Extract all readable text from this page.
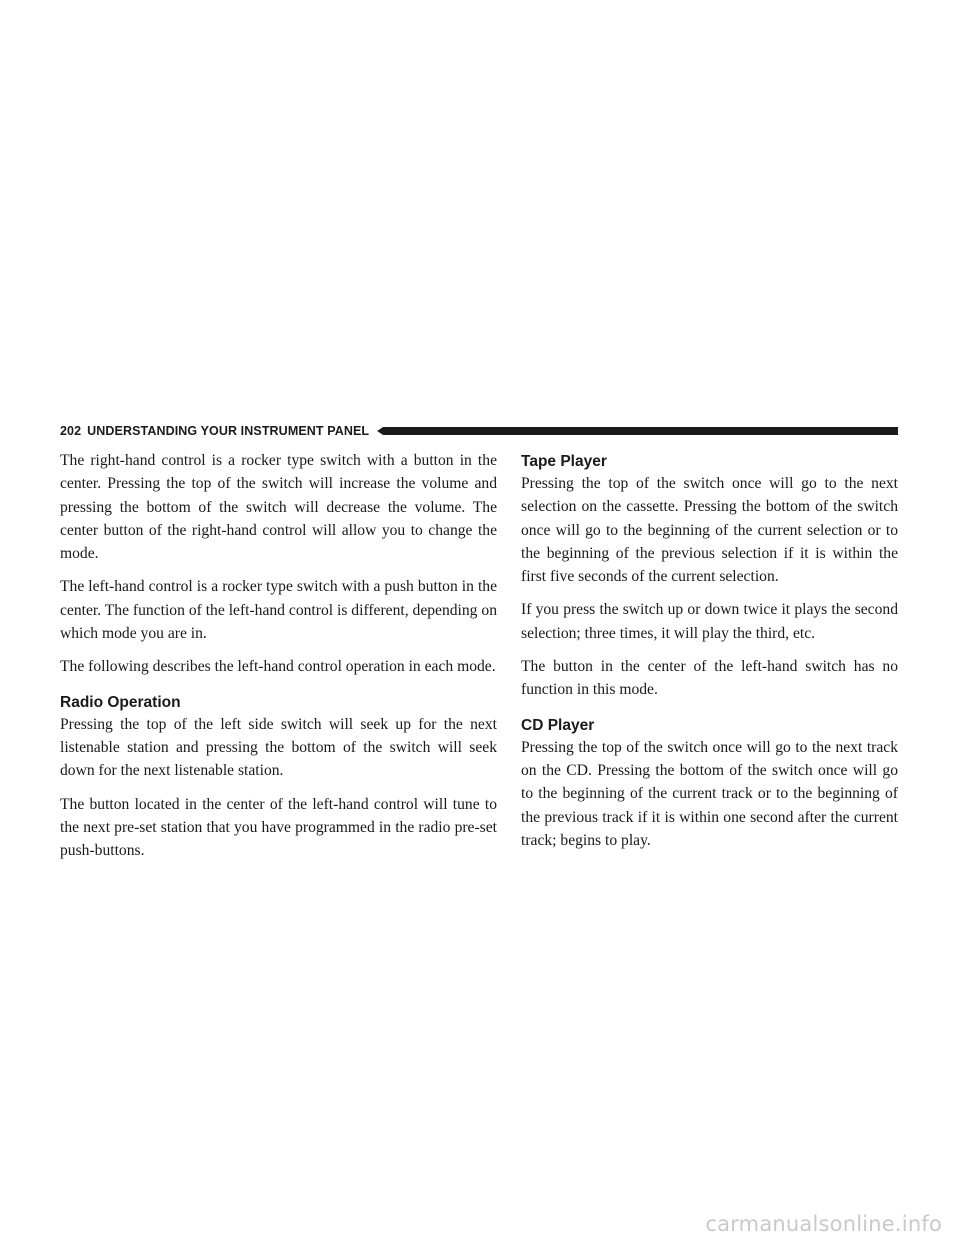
202 UNDERSTANDING YOUR INSTRUMENT PANEL

The right-hand control is a rocker type switch with a button in the center. Pressing the top of the switch will increase the volume and pressing the bottom of the switch will decrease the volume. The center button of the right-hand control will allow you to change the mode.

The left-hand control is a rocker type switch with a push button in the center. The function of the left-hand control is different, depending on which mode you are in.

The following describes the left-hand control operation in each mode.

Radio Operation

Pressing the top of the left side switch will seek up for the next listenable station and pressing the bottom of the switch will seek down for the next listenable station.

The button located in the center of the left-hand control will tune to the next pre-set station that you have programmed in the radio pre-set push-buttons.

Tape Player

Pressing the top of the switch once will go to the next selection on the cassette. Pressing the bottom of the switch once will go to the beginning of the current selection or to the beginning of the previous selection if it is within the first five seconds of the current selection.

If you press the switch up or down twice it plays the second selection; three times, it will play the third, etc.

The button in the center of the left-hand switch has no function in this mode.

CD Player

Pressing the top of the switch once will go to the next track on the CD. Pressing the bottom of the switch once will go to the beginning of the current track or to the beginning of the previous track if it is within one second after the current track; begins to play.

carmanualsonline.info
